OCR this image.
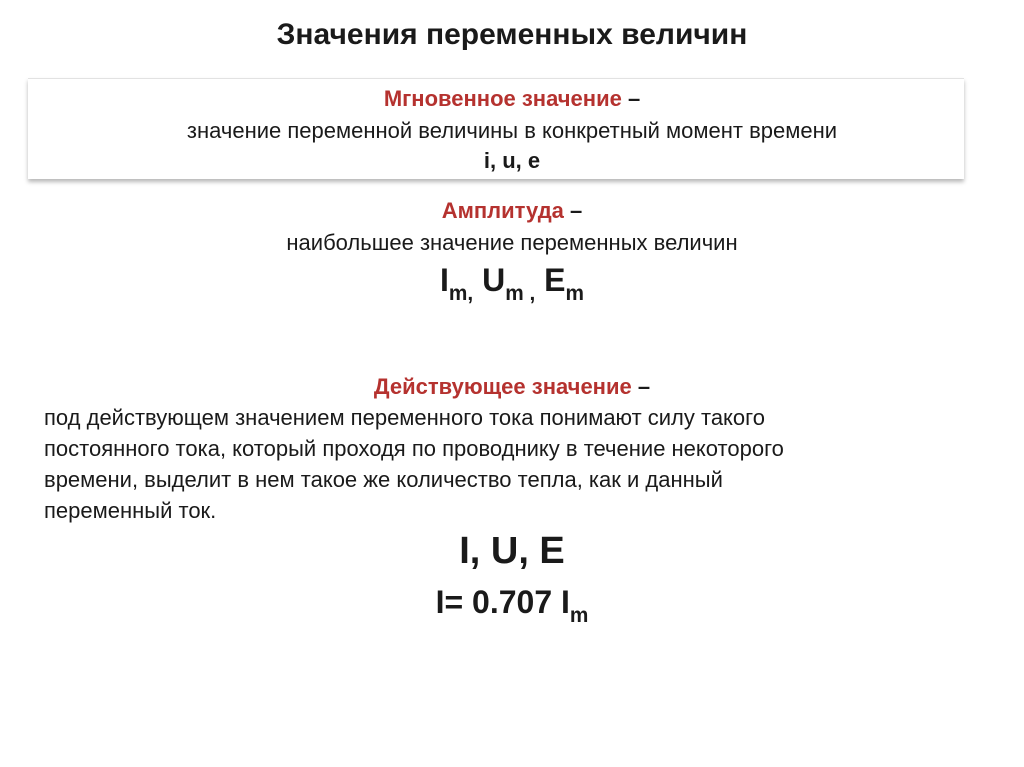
Значения переменных величин
Мгновенное значение –
значение переменной величины в конкретный момент времени
i, u, e
Амплитуда –
наибольшее значение переменных величин
$I_{m,}$ $U_{m ,}$ $E_m$
Действующее значение –
под действующем значением переменного тока понимают силу такого
постоянного тока, который проходя по проводнику в течение некоторого
времени, выделит в нем такое же количество тепла, как и данный
переменный ток.
I, U, E
I= 0.707 $I_m$
